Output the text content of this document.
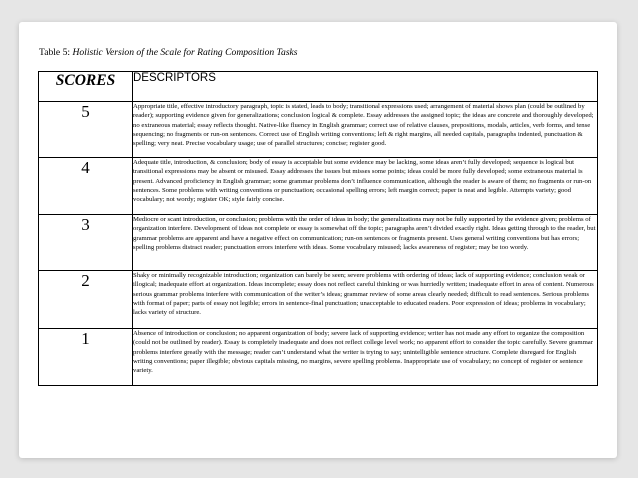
Table 5: Holistic Version of the Scale for Rating Composition Tasks
SCORES	DESCRIPTORS
5	Appropriate title, effective introductory paragraph, topic is stated, leads to body; transitional expressions used; arrangement of material shows plan (could be outlined by reader); supporting evidence given for generalizations; conclusion logical & complete. Essay addresses the assigned topic; the ideas are concrete and thoroughly developed; no extraneous material; essay reflects thought. Native-like fluency in English grammar; correct use of relative clauses, prepositions, modals, articles, verb forms, and tense sequencing; no fragments or run-on sentences. Correct use of English writing conventions; left & right margins, all needed capitals, paragraphs indented, punctuation & spelling; very neat. Precise vocabulary usage; use of parallel structures; concise; register good.
4	Adequate title, introduction, & conclusion; body of essay is acceptable but some evidence may be lacking, some ideas aren’t fully developed; sequence is logical but transitional expressions may be absent or misused. Essay addresses the issues but misses some points; ideas could be more fully developed; some extraneous material is present. Advanced proficiency in English grammar; some grammar problems don’t influence communication, although the reader is aware of them; no fragments or run-on sentences. Some problems with writing conventions or punctuation; occasional spelling errors; left margin correct; paper is neat and legible. Attempts variety; good vocabulary; not wordy; register OK; style fairly concise.
3	Mediocre or scant introduction, or conclusion; problems with the order of ideas in body; the generalizations may not be fully supported by the evidence given; problems of organization interfere. Development of ideas not complete or essay is somewhat off the topic; paragraphs aren’t divided exactly right. Ideas getting through to the reader, but grammar problems are apparent and have a negative effect on communication; run-on sentences or fragments present. Uses general writing conventions but has errors; spelling problems distract reader; punctuation errors interfere with ideas. Some vocabulary misused; lacks awareness of register; may be too wordy.
2	Shaky or minimally recognizable introduction; organization can barely be seen; severe problems with ordering of ideas; lack of supporting evidence; conclusion weak or illogical; inadequate effort at organization. Ideas incomplete; essay does not reflect careful thinking or was hurriedly written; inadequate effort in area of content. Numerous serious grammar problems interfere with communication of the writer’s ideas; grammar review of some areas clearly needed; difficult to read sentences. Serious problems with format of paper; parts of essay not legible; errors in sentence-final punctuation; unacceptable to educated readers. Poor expression of ideas; problems in vocabulary; lacks variety of structure.
1	Absence of introduction or conclusion; no apparent organization of body; severe lack of supporting evidence; writer has not made any effort to organize the composition (could not be outlined by reader). Essay is completely inadequate and does not reflect college level work; no apparent effort to consider the topic carefully. Severe grammar problems interfere greatly with the message; reader can’t understand what the writer is trying to say; unintelligible sentence structure. Complete disregard for English writing conventions; paper illegible; obvious capitals missing, no margins, severe spelling problems. Inappropriate use of vocabulary; no concept of register or sentence variety.
